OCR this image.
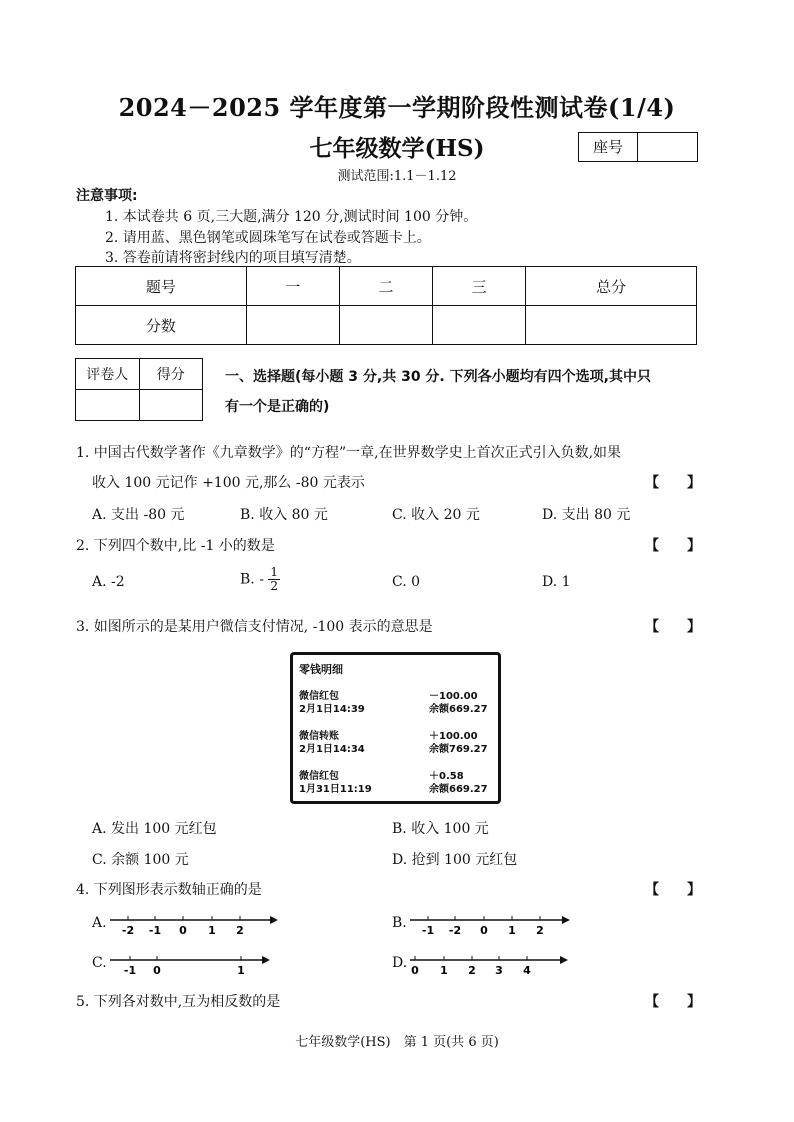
2024－2025 学年度第一学期阶段性测试卷(1/4)
七年级数学(HS)	座号
测试范围:1.1－1.12
注意事项:
1. 本试卷共 6 页,三大题,满分 120 分,测试时间 100 分钟。
2. 请用蓝、黑色钢笔或圆珠笔写在试卷或答题卡上。
3. 答卷前请将密封线内的项目填写清楚。
题号	一	二	三	总分
分数				
评卷人	得分
		一、选择题(每小题 3 分,共 30 分. 下列各小题均有四个选项,其中只
有一个是正确的)
1. 中国古代数学著作《九章数学》的“方程”一章,在世界数学史上首次正式引入负数,如果
收入 100 元记作 +100 元,那么 -80 元表示	【　　】
A. 支出 -80 元	B. 收入 80 元	C. 收入 20 元	D. 支出 80 元
2. 下列四个数中,比 -1 小的数是	【　　】
A. -2	B. - $\frac{1}{2}$	C. 0	D. 1
3. 如图所示的是某用户微信支付情况, -100 表示的意思是	【　　】
零钱明细
微信红包	－100.00
2月1日14:39	余额669.27
微信转账	＋100.00
2月1日14:34	余额769.27
微信红包	＋0.58
1月31日11:19	余额669.27
A. 发出 100 元红包	B. 收入 100 元
C. 余额 100 元	D. 抢到 100 元红包
4. 下列图形表示数轴正确的是	【　　】
A. -2 -1 0 1 2	B. -1 -2 0 1 2
C. -1 0	1	D. 0 1 2 3 4
5. 下列各对数中,互为相反数的是	【　　】
七年级数学(HS)　第 1 页(共 6 页)
